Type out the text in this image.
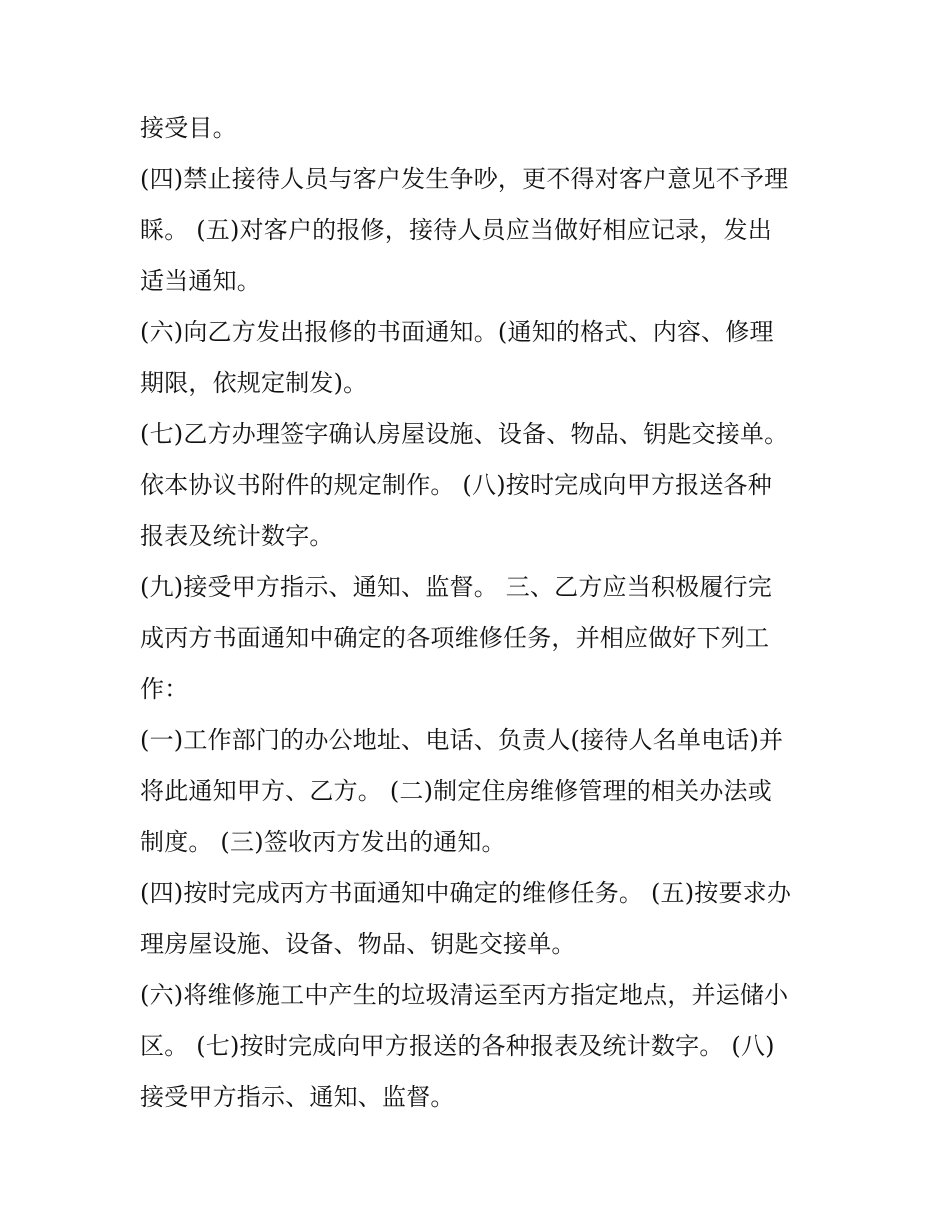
接受目。
(四)禁止接待人员与客户发生争吵，更不得对客户意见不予理
睬。 (五)对客户的报修，接待人员应当做好相应记录，发出
适当通知。
(六)向乙方发出报修的书面通知。(通知的格式、内容、修理
期限，依规定制发)。
(七)乙方办理签字确认房屋设施、设备、物品、钥匙交接单。
依本协议书附件的规定制作。 (八)按时完成向甲方报送各种
报表及统计数字。
(九)接受甲方指示、通知、监督。 三、乙方应当积极履行完
成丙方书面通知中确定的各项维修任务，并相应做好下列工
作：
(一)工作部门的办公地址、电话、负责人(接待人名单电话)并
将此通知甲方、乙方。 (二)制定住房维修管理的相关办法或
制度。 (三)签收丙方发出的通知。
(四)按时完成丙方书面通知中确定的维修任务。 (五)按要求办
理房屋设施、设备、物品、钥匙交接单。
(六)将维修施工中产生的垃圾清运至丙方指定地点，并运储小
区。 (七)按时完成向甲方报送的各种报表及统计数字。 (八)
接受甲方指示、通知、监督。
